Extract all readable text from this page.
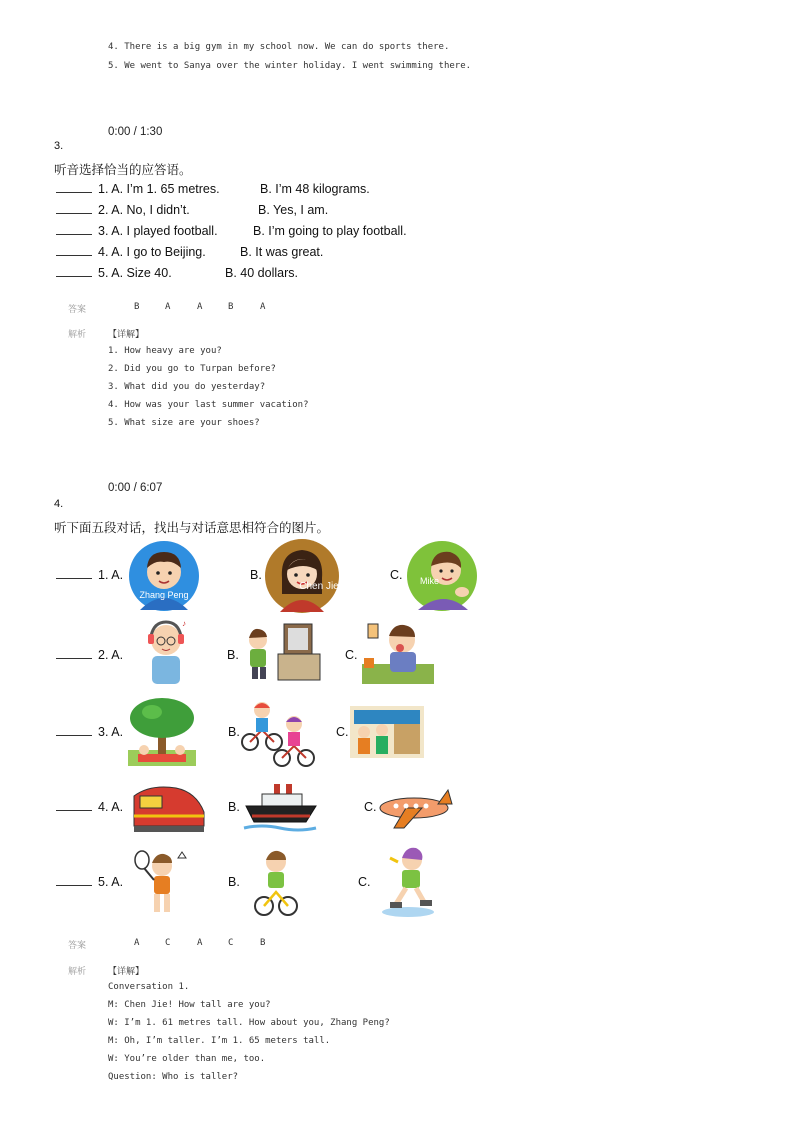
4. There is a big gym in my school now. We can do sports there.
5. We went to Sanya over the winter holiday. I went swimming there.
0:00 / 1:30
3.
听音选择恰当的应答语。
1. A. I’m 1. 65 metres.	B. I’m 48 kilograms.
2. A. No, I didn’t.	B. Yes, I am.
3. A. I played football.	B. I’m going to play football.
4. A. I go to Beijing.	B. It was great.
5. A. Size 40.	B. 40 dollars.
答案	B	A	A	B	A
解析 【详解】
1. How heavy are you?
2. Did you go to Turpan before?
3. What did you do yesterday?
4. How was your last summer vacation?
5. What size are your shoes?
0:00 / 6:07
4.
听下面五段对话，找出与对话意思相符合的图片。
1. A.	B.	C.
Zhang Peng
Chen Jie	Mike
2. A.	B.	C.
♪
3. A.	B.	C.
4. A.	B.	C.
5. A.	B.	C.
答案	A	C	A	C	B
解析 【详解】
Conversation 1.
M: Chen Jie! How tall are you?
W: I’m 1. 61 metres tall. How about you, Zhang Peng?
M: Oh, I’m taller. I’m 1. 65 meters tall.
W: You’re older than me, too.
Question: Who is taller?
